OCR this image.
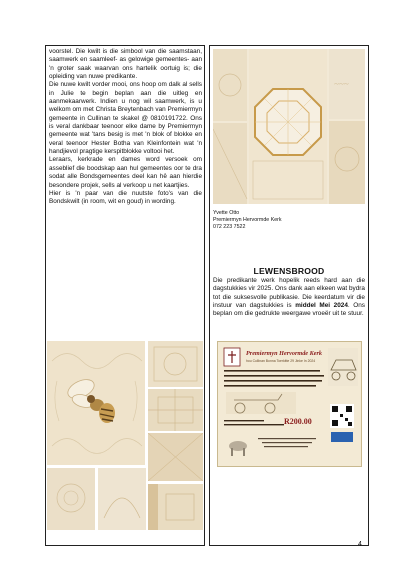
voorstel. Die kwilt is die simbool van die saamstaan, saamwerk en saamleef- as gelowige gemeentes- aan 'n groter saak waarvan ons hartelik oortuig is; die opleiding van nuwe predikante.

Die nuwe kwilt vorder mooi, ons hoop om dalk al sells in Julie te begin beplan aan die uitleg en aanmekaarwerk. Indien u nog wil saamwerk, is u welkom om met Christa Breytenbach van Premiermyn gemeente in Cullinan te skakel @ 0810191722. Ons is veral dankbaar teenoor elke dame by Premiermyn gemeente wat 'tans besig is met 'n blok of blokke en veral teenoor Hester Botha van Kleinfontein wat 'n handjievol pragtige kerspitblokke voltooi het.

Leraars, kerkrade en dames word versoek om asseblief die boodskap aan hul gemeentes oor te dra sodat alle Bondsgemeentes deel kan hê aan hierdie besondere projek, sells al verkoop u net kaartjies.

Hier is 'n paar van die nuutste foto's van die Bondskwilt (in room, wit en goud) in wording.

~~~
Yvette Otto
Premiermyn Hervormde Kerk
072 223 7522
LEWENSBROOD
Die predikante werk hopelik reeds hard aan die dagstukkies vir 2025. Ons dank aan elkeen wat bydra tot die suksesvolle publikasie. Die keerdatum vir die instuur van dagstukkies is middel Mei 2024. Ons beplan om die gedrukte weergawe vroeër uit te stuur.
Premiermyn Hervormde Kerk
hou Cullinan Bonna Toerkitte 29 Jinke In 2024
R200.00
4
